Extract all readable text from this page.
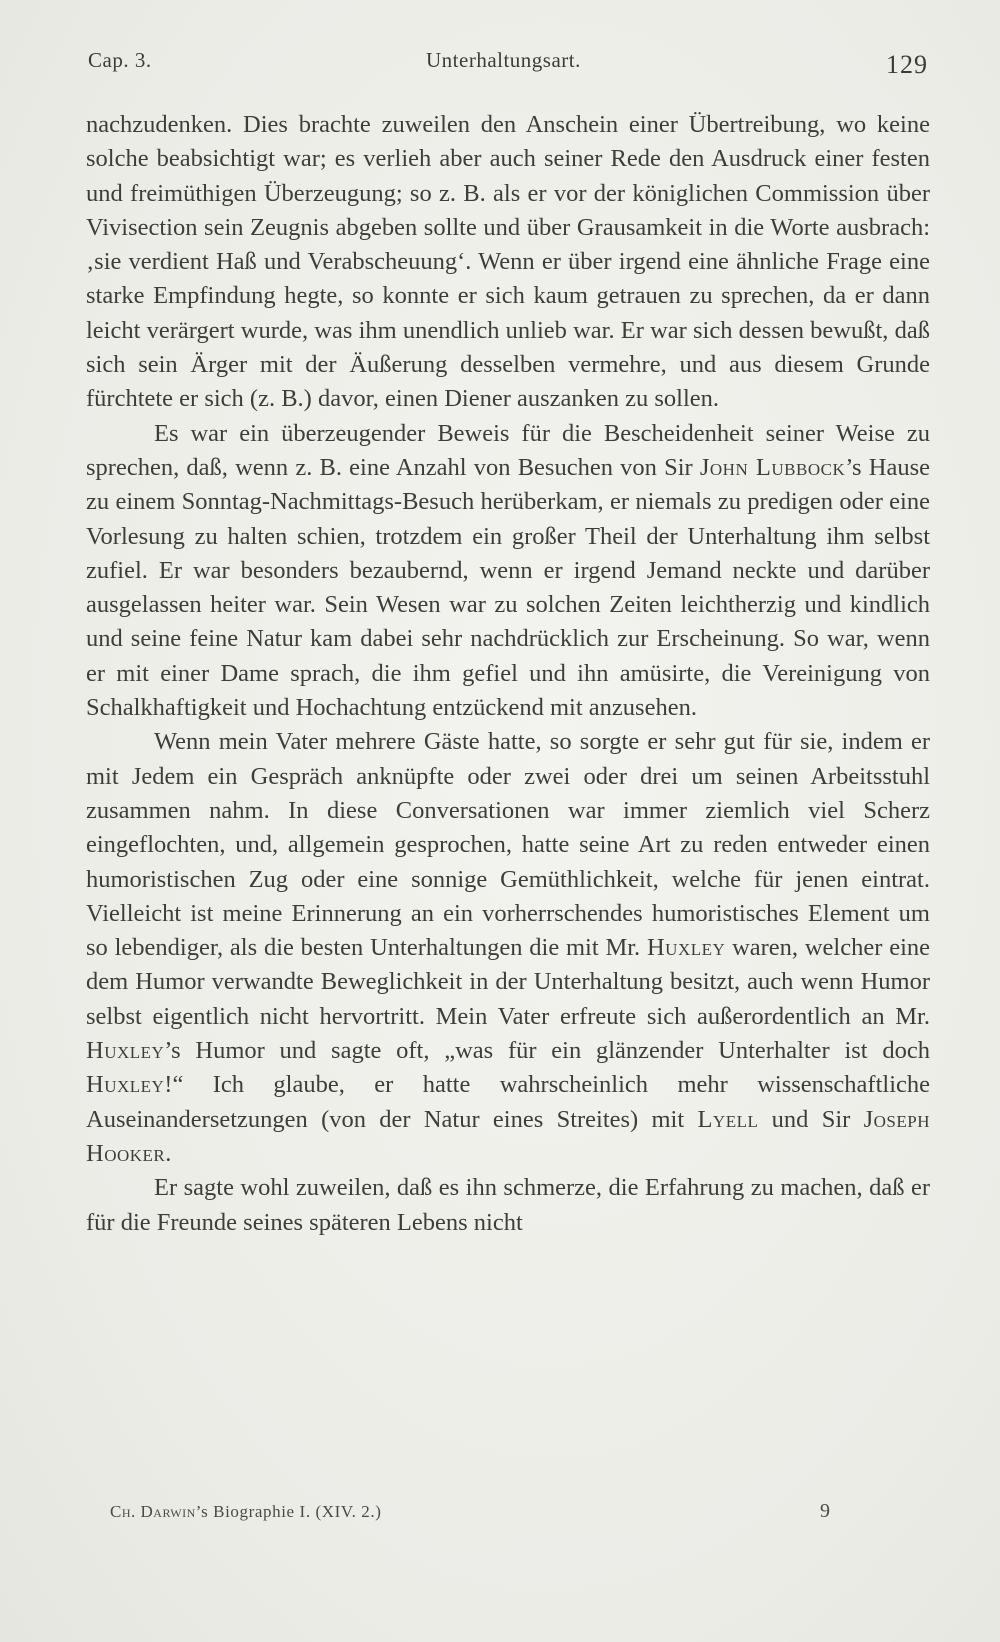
Cap. 3.	Unterhaltungsart.	129

nachzudenken. Dies brachte zuweilen den Anschein einer Übertreibung, wo keine solche beabsichtigt war; es verlieh aber auch seiner Rede den Ausdruck einer festen und freimüthigen Überzeugung; so z. B. als er vor der königlichen Commission über Vivisection sein Zeugnis abgeben sollte und über Grausamkeit in die Worte ausbrach: ‚sie verdient Haß und Verabscheuung‘. Wenn er über irgend eine ähnliche Frage eine starke Empfindung hegte, so konnte er sich kaum getrauen zu sprechen, da er dann leicht verärgert wurde, was ihm unendlich unlieb war. Er war sich dessen bewußt, daß sich sein Ärger mit der Äußerung desselben vermehre, und aus diesem Grunde fürchtete er sich (z. B.) davor, einen Diener auszanken zu sollen.

Es war ein überzeugender Beweis für die Bescheidenheit seiner Weise zu sprechen, daß, wenn z. B. eine Anzahl von Besuchen von Sir John Lubbock’s Hause zu einem Sonntag-Nachmittags-Besuch herüberkam, er niemals zu predigen oder eine Vorlesung zu halten schien, trotzdem ein großer Theil der Unterhaltung ihm selbst zufiel. Er war besonders bezaubernd, wenn er irgend Jemand neckte und darüber ausgelassen heiter war. Sein Wesen war zu solchen Zeiten leichtherzig und kindlich und seine feine Natur kam dabei sehr nachdrücklich zur Erscheinung. So war, wenn er mit einer Dame sprach, die ihm gefiel und ihn amüsirte, die Vereinigung von Schalkhaftigkeit und Hochachtung entzückend mit anzusehen.

Wenn mein Vater mehrere Gäste hatte, so sorgte er sehr gut für sie, indem er mit Jedem ein Gespräch anknüpfte oder zwei oder drei um seinen Arbeitsstuhl zusammen nahm. In diese Conversationen war immer ziemlich viel Scherz eingeflochten, und, allgemein gesprochen, hatte seine Art zu reden entweder einen humoristischen Zug oder eine sonnige Gemüthlichkeit, welche für jenen eintrat. Vielleicht ist meine Erinnerung an ein vorherrschendes humoristisches Element um so lebendiger, als die besten Unterhaltungen die mit Mr. Huxley waren, welcher eine dem Humor verwandte Beweglichkeit in der Unterhaltung besitzt, auch wenn Humor selbst eigentlich nicht hervortritt. Mein Vater erfreute sich außerordentlich an Mr. Huxley’s Humor und sagte oft, „was für ein glänzender Unterhalter ist doch Huxley!“ Ich glaube, er hatte wahrscheinlich mehr wissenschaftliche Auseinandersetzungen (von der Natur eines Streites) mit Lyell und Sir Joseph Hooker.

Er sagte wohl zuweilen, daß es ihn schmerze, die Erfahrung zu machen, daß er für die Freunde seines späteren Lebens nicht

Ch. Darwin’s Biographie I. (XIV. 2.)	9
